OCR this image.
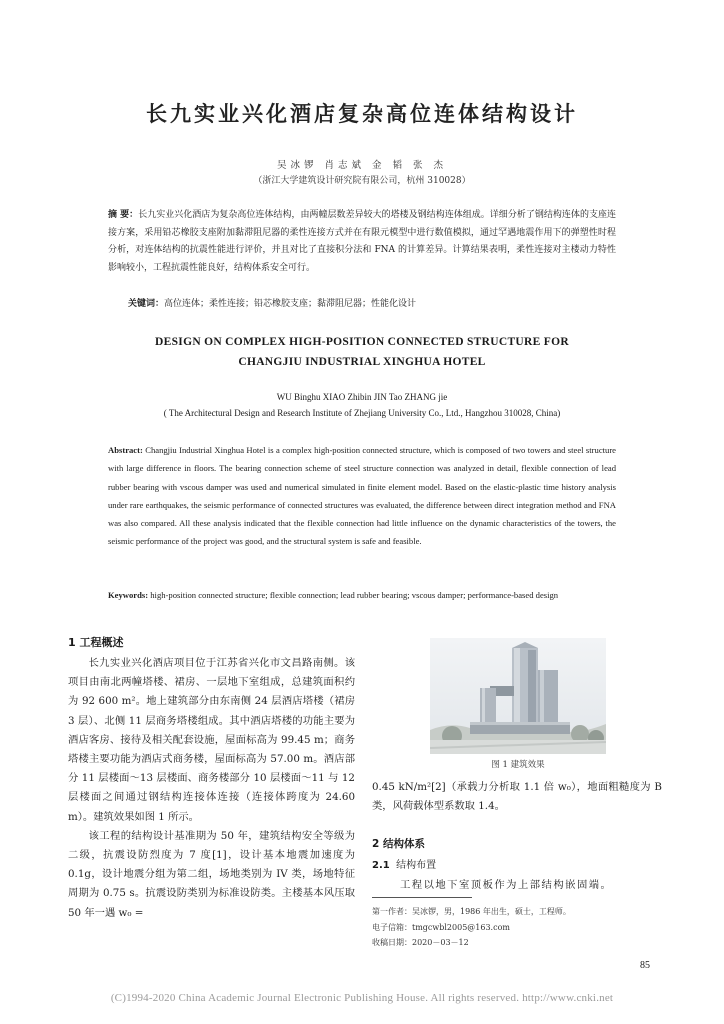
长九实业兴化酒店复杂高位连体结构设计
吴冰锣 肖志斌 金 韬 张 杰
（浙江大学建筑设计研究院有限公司，杭州 310028）
摘 要：长九实业兴化酒店为复杂高位连体结构，由两幢层数差异较大的塔楼及钢结构连体组成。详细分析了钢结构连体的支座连接方案，采用铅芯橡胶支座附加黏滞阻尼器的柔性连接方式并在有限元模型中进行数值模拟，通过罕遇地震作用下的弹塑性时程分析，对连体结构的抗震性能进行评价，并且对比了直接积分法和 FNA 的计算差异。计算结果表明，柔性连接对主楼动力特性影响较小，工程抗震性能良好，结构体系安全可行。
关键词：高位连体；柔性连接；铅芯橡胶支座；黏滞阻尼器；性能化设计
DESIGN ON COMPLEX HIGH-POSITION CONNECTED STRUCTURE FOR
CHANGJIU INDUSTRIAL XINGHUA HOTEL
WU Binghu XIAO Zhibin JIN Tao ZHANG jie
( The Architectural Design and Research Institute of Zhejiang University Co., Ltd., Hangzhou 310028, China)
Abstract: Changjiu Industrial Xinghua Hotel is a complex high-position connected structure, which is composed of two towers and steel structure with large difference in floors. The bearing connection scheme of steel structure connection was analyzed in detail, flexible connection of lead rubber bearing with vscous damper was used and numerical simulated in finite element model. Based on the elastic-plastic time history analysis under rare earthquakes, the seismic performance of connected structures was evaluated, the difference between direct integration method and FNA was also compared. All these analysis indicated that the flexible connection had little influence on the dynamic characteristics of the towers, the seismic performance of the project was good, and the structural system is safe and feasible.
Keywords: high-position connected structure; flexible connection; lead rubber bearing; vscous damper; performance-based design
1 工程概述

长九实业兴化酒店项目位于江苏省兴化市文昌路南侧。该项目由南北两幢塔楼、裙房、一层地下室组成，总建筑面积约为 92 600 m²。地上建筑部分由东南侧 24 层酒店塔楼（裙房 3 层）、北侧 11 层商务塔楼组成。其中酒店塔楼的功能主要为酒店客房、接待及相关配套设施，屋面标高为 99.45 m；商务塔楼主要功能为酒店式商务楼，屋面标高为 57.00 m。酒店部分 11 层楼面～13 层楼面、商务楼部分 10 层楼面～11 与 12 层楼面之间通过钢结构连接体连接（连接体跨度为 24.60 m）。建筑效果如图 1 所示。

该工程的结构设计基准期为 50 年，建筑结构安全等级为二级，抗震设防烈度为 7 度[1]，设计基本地震加速度为 0.1g，设计地震分组为第二组，场地类别为 IV 类，场地特征周期为 0.75 s。抗震设防类别为标准设防类。主楼基本风压取 50 年一遇 w₀ =

图 1 建筑效果
0.45 kN/m²[2]（承载力分析取 1.1 倍 w₀），地面粗糙度为 B 类，风荷载体型系数取 1.4。
2 结构体系
2.1 结构布置
工程以地下室顶板作为上部结构嵌固端。
第一作者：吴冰锣，男，1986 年出生，硕士，工程师。
电子信箱：tmgcwbl2005@163.com
收稿日期：2020－03－12
85
(C)1994-2020 China Academic Journal Electronic Publishing House. All rights reserved. http://www.cnki.net
